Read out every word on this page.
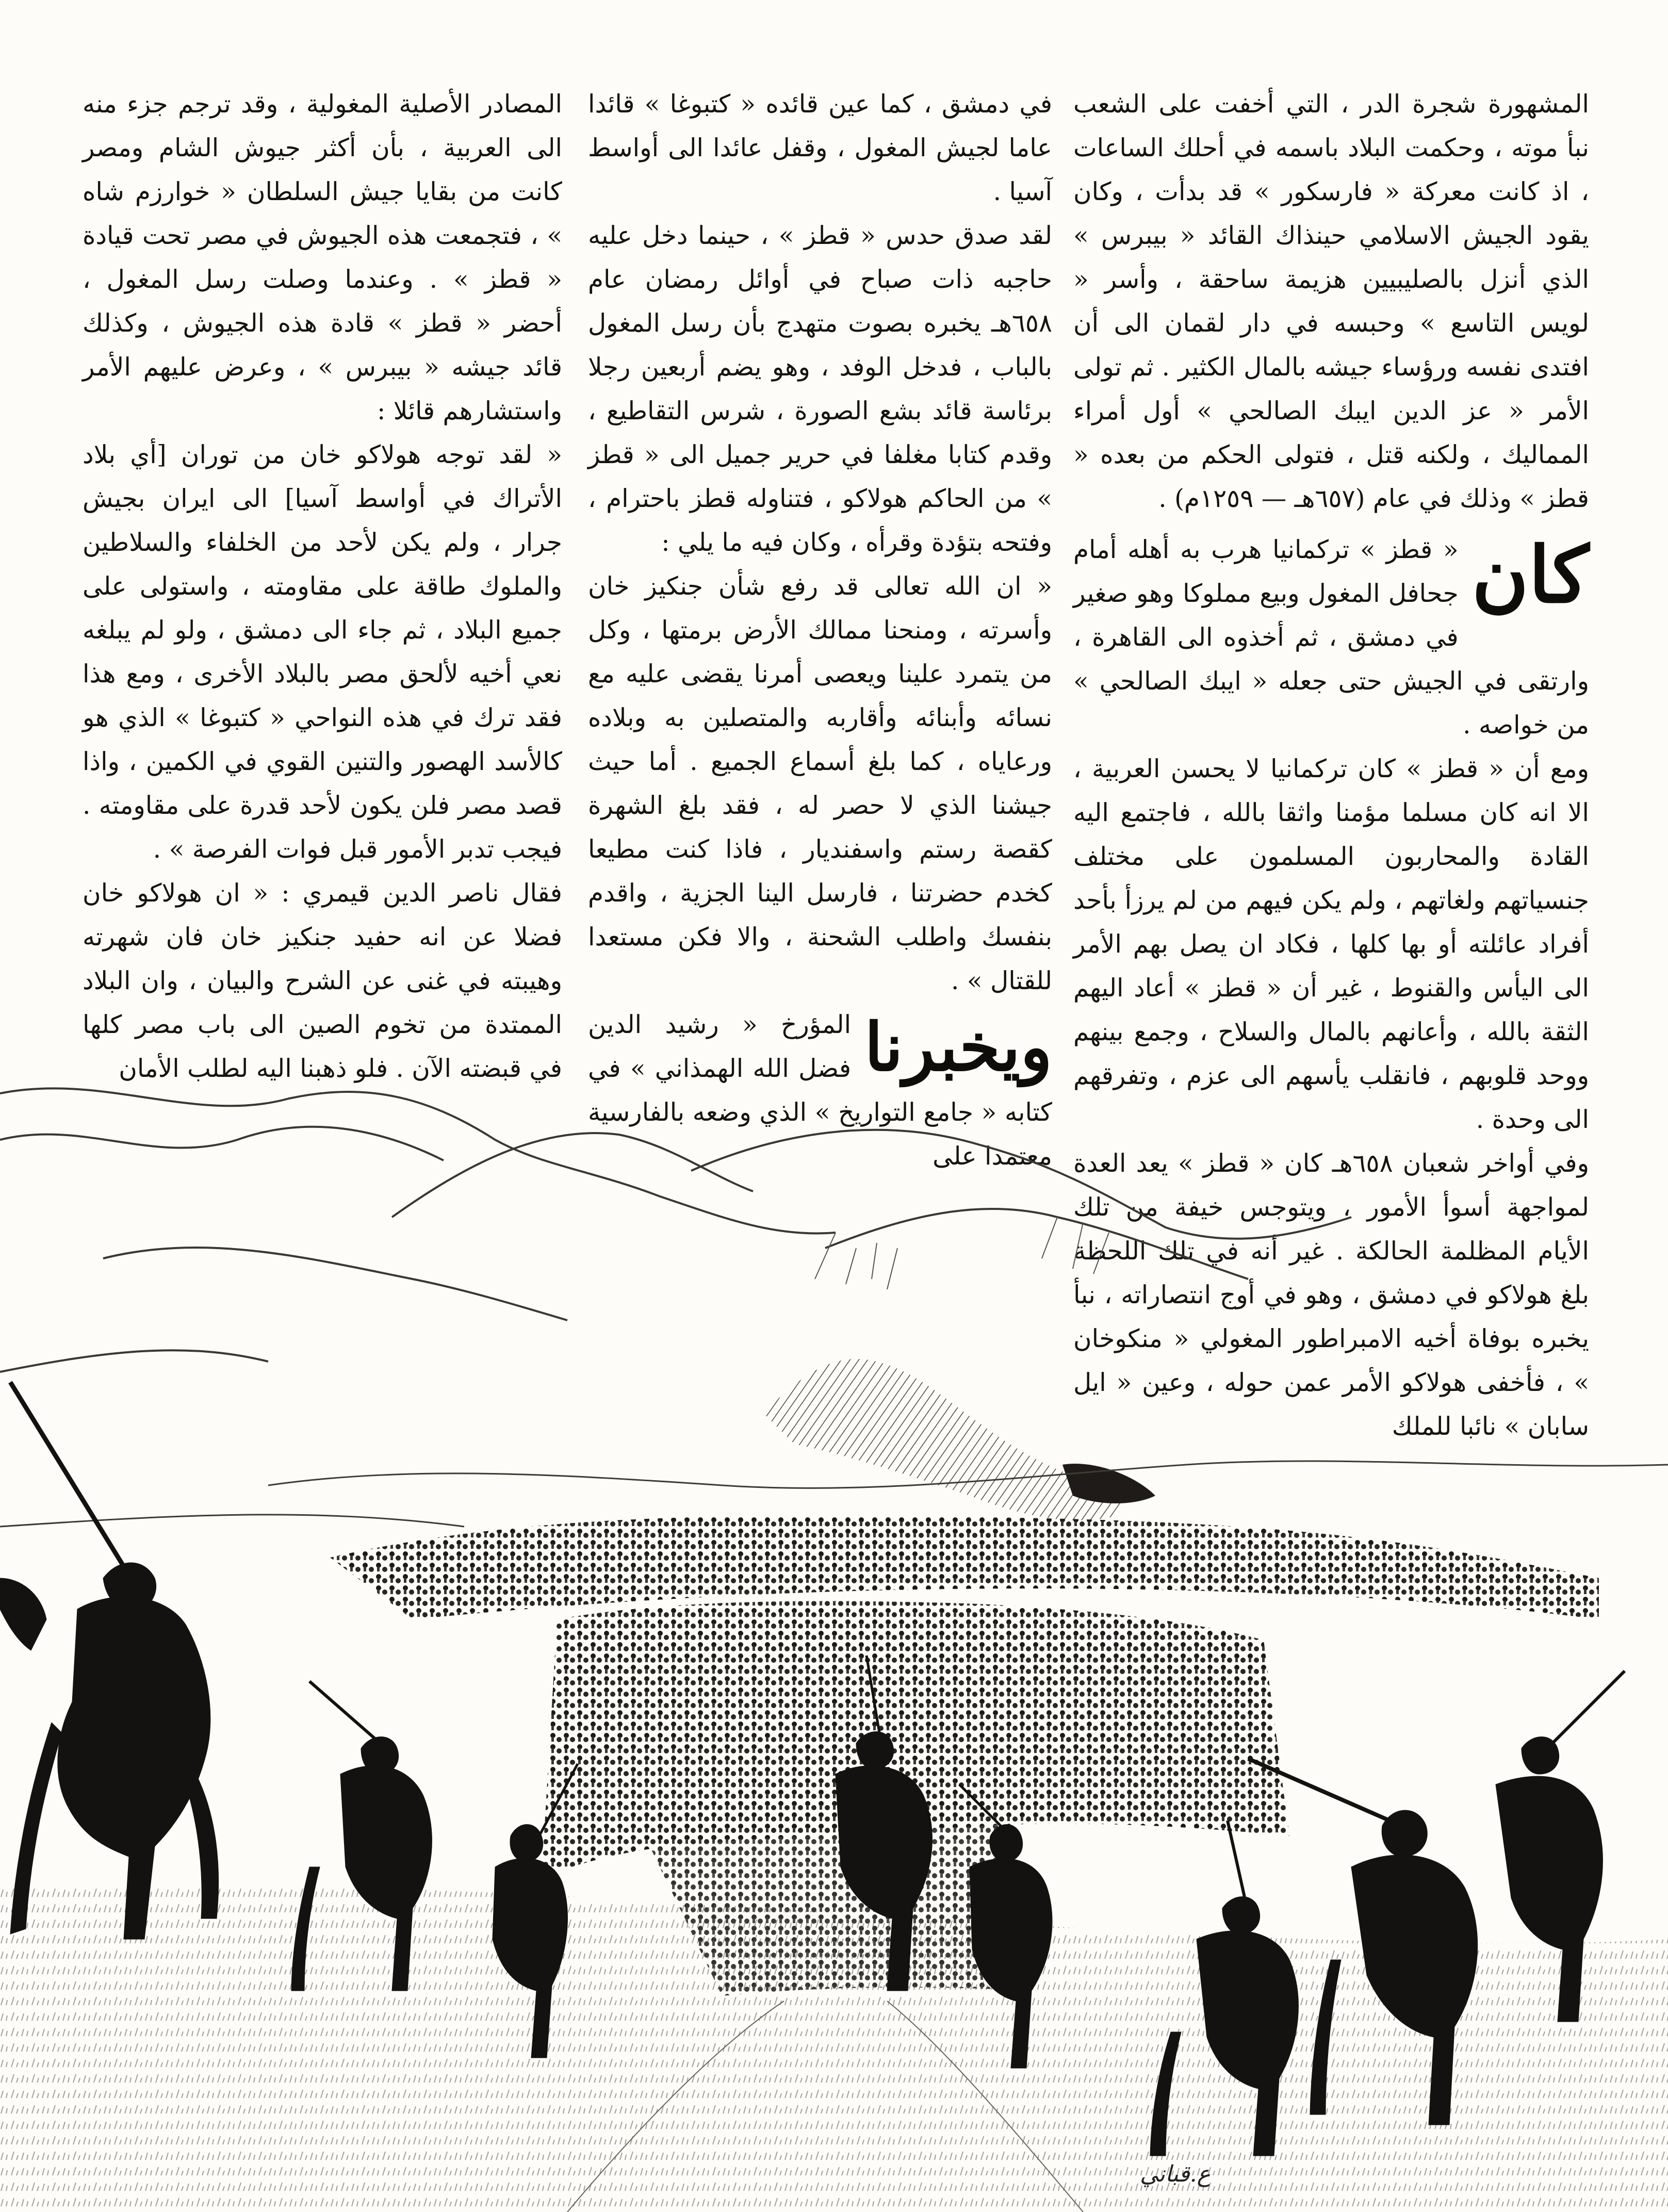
المشهورة شجرة الدر ، التي أخفت على الشعب نبأ موته ، وحكمت البلاد باسمه في أحلك الساعات ، اذ كانت معركة « فارسكور » قد بدأت ، وكان يقود الجيش الاسلامي حينذاك القائد « بيبرس » الذي أنزل بالصليبيين هزيمة ساحقة ، وأسر « لويس التاسع » وحبسه في دار لقمان الى أن افتدى نفسه ورؤساء جيشه بالمال الكثير . ثم تولى الأمر « عز الدين ايبك الصالحي » أول أمراء المماليك ، ولكنه قتل ، فتولى الحكم من بعده « قطز » وذلك في عام (٦٥٧هـ — ١٢٥٩م) .

كان
« قطز » تركمانيا هرب به أهله أمام جحافل المغول وبيع مملوكا وهو صغير في دمشق ، ثم أخذوه الى القاهرة ، وارتقى في الجيش حتى جعله « ايبك الصالحي » من خواصه .

ومع أن « قطز » كان تركمانيا لا يحسن العربية ، الا انه كان مسلما مؤمنا واثقا بالله ، فاجتمع اليه القادة والمحاربون المسلمون على مختلف جنسياتهم ولغاتهم ، ولم يكن فيهم من لم يرزأ بأحد أفراد عائلته أو بها كلها ، فكاد ان يصل بهم الأمر الى اليأس والقنوط ، غير أن « قطز » أعاد اليهم الثقة بالله ، وأعانهم بالمال والسلاح ، وجمع بينهم ووحد قلوبهم ، فانقلب يأسهم الى عزم ، وتفرقهم الى وحدة .

وفي أواخر شعبان ٦٥٨هـ كان « قطز » يعد العدة لمواجهة أسوأ الأمور ، ويتوجس خيفة من تلك الأيام المظلمة الحالكة . غير أنه في تلك اللحظة بلغ هولاكو في دمشق ، وهو في أوج انتصاراته ، نبأ يخبره بوفاة أخيه الامبراطور المغولي « منكوخان » ، فأخفى هولاكو الأمر عمن حوله ، وعين « ايل سابان » نائبا للملك

في دمشق ، كما عين قائده « كتبوغا » قائدا عاما لجيش المغول ، وقفل عائدا الى أواسط آسيا .

لقد صدق حدس « قطز » ، حينما دخل عليه حاجبه ذات صباح في أوائل رمضان عام ٦٥٨هـ يخبره بصوت متهدج بأن رسل المغول بالباب ، فدخل الوفد ، وهو يضم أربعين رجلا برئاسة قائد بشع الصورة ، شرس التقاطيع ، وقدم كتابا مغلفا في حرير جميل الى « قطز » من الحاكم هولاكو ، فتناوله قطز باحترام ، وفتحه بتؤدة وقرأه ، وكان فيه ما يلي :

« ان الله تعالى قد رفع شأن جنكيز خان وأسرته ، ومنحنا ممالك الأرض برمتها ، وكل من يتمرد علينا ويعصى أمرنا يقضى عليه مع نسائه وأبنائه وأقاربه والمتصلين به وبلاده ورعاياه ، كما بلغ أسماع الجميع . أما حيث جيشنا الذي لا حصر له ، فقد بلغ الشهرة كقصة رستم واسفنديار ، فاذا كنت مطيعا كخدم حضرتنا ، فارسل الينا الجزية ، واقدم بنفسك واطلب الشحنة ، والا فكن مستعدا للقتال » .

ويخبرنا
المؤرخ « رشيد الدين فضل الله الهمذاني » في كتابه « جامع التواريخ » الذي وضعه بالفارسية معتمدا على

المصادر الأصلية المغولية ، وقد ترجم جزء منه الى العربية ، بأن أكثر جيوش الشام ومصر كانت من بقايا جيش السلطان « خوارزم شاه » ، فتجمعت هذه الجيوش في مصر تحت قيادة « قطز » . وعندما وصلت رسل المغول ، أحضر « قطز » قادة هذه الجيوش ، وكذلك قائد جيشه « بيبرس » ، وعرض عليهم الأمر واستشارهم قائلا :

« لقد توجه هولاكو خان من توران [أي بلاد الأتراك في أواسط آسيا] الى ايران بجيش جرار ، ولم يكن لأحد من الخلفاء والسلاطين والملوك طاقة على مقاومته ، واستولى على جميع البلاد ، ثم جاء الى دمشق ، ولو لم يبلغه نعي أخيه لألحق مصر بالبلاد الأخرى ، ومع هذا فقد ترك في هذه النواحي « كتبوغا » الذي هو كالأسد الهصور والتنين القوي في الكمين ، واذا قصد مصر فلن يكون لأحد قدرة على مقاومته . فيجب تدبر الأمور قبل فوات الفرصة » .

فقال ناصر الدين قيمري : « ان هولاكو خان فضلا عن انه حفيد جنكيز خان فان شهرته وهيبته في غنى عن الشرح والبيان ، وان البلاد الممتدة من تخوم الصين الى باب مصر كلها في قبضته الآن . فلو ذهبنا اليه لطلب الأمان

ع.قباني
